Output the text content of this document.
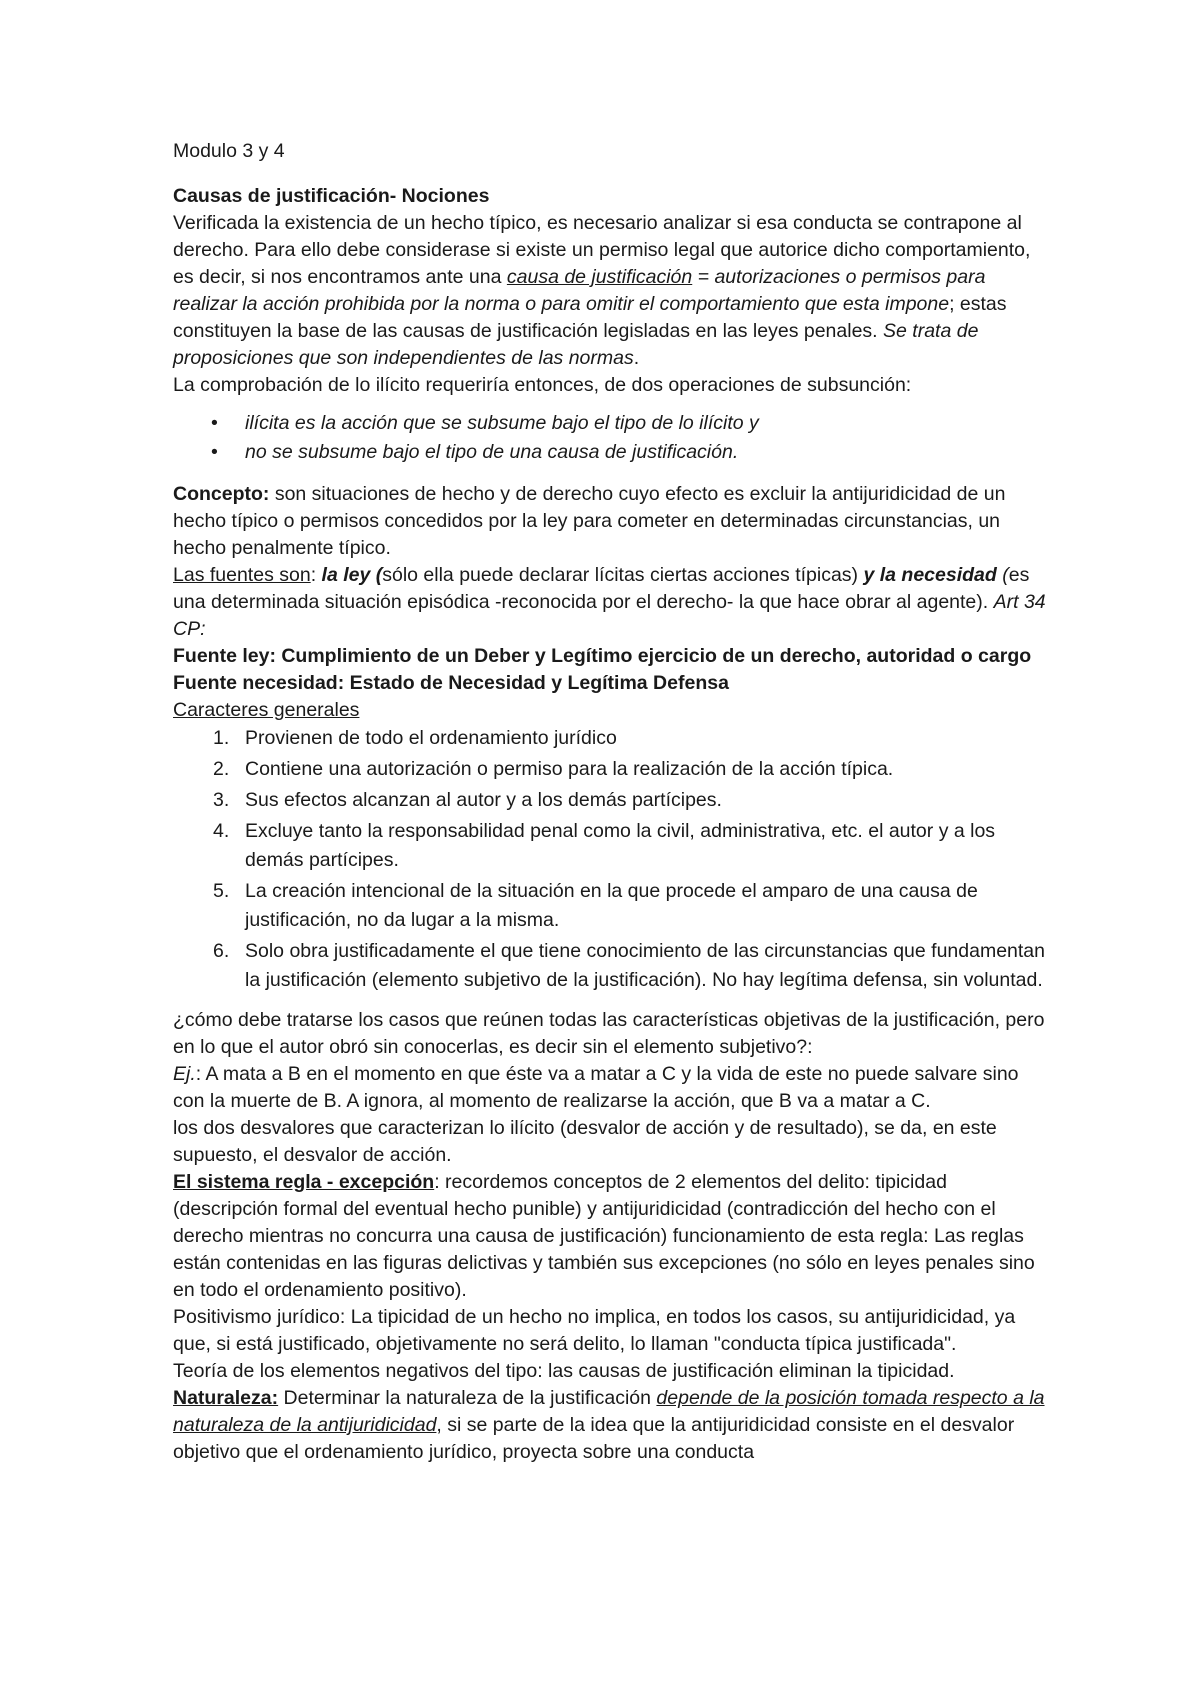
Modulo 3 y 4

Causas de justificación- Nociones

Verificada la existencia de un hecho típico, es necesario analizar si esa conducta se contrapone al derecho. Para ello debe considerase si existe un permiso legal que autorice dicho comportamiento, es decir, si nos encontramos ante una causa de justificación = autorizaciones o permisos para realizar la acción prohibida por la norma o para omitir el comportamiento que esta impone; estas constituyen la base de las causas de justificación legisladas en las leyes penales. Se trata de proposiciones que son independientes de las normas.

La comprobación de lo ilícito requeriría entonces, de dos operaciones de subsunción:

• ilícita es la acción que se subsume bajo el tipo de lo ilícito y
• no se subsume bajo el tipo de una causa de justificación.

Concepto: son situaciones de hecho y de derecho cuyo efecto es excluir la antijuridicidad de un hecho típico o permisos concedidos por la ley para cometer en determinadas circunstancias, un hecho penalmente típico.

Las fuentes son: la ley (sólo ella puede declarar lícitas ciertas acciones típicas) y la necesidad (es una determinada situación episódica -reconocida por el derecho- la que hace obrar al agente). Art 34 CP:

Fuente ley: Cumplimiento de un Deber y Legítimo ejercicio de un derecho, autoridad o cargo

Fuente necesidad: Estado de Necesidad y Legítima Defensa

Caracteres generales

1. Provienen de todo el ordenamiento jurídico
2. Contiene una autorización o permiso para la realización de la acción típica.
3. Sus efectos alcanzan al autor y a los demás partícipes.
4. Excluye tanto la responsabilidad penal como la civil, administrativa, etc. el autor y a los demás partícipes.
5. La creación intencional de la situación en la que procede el amparo de una causa de justificación, no da lugar a la misma.
6. Solo obra justificadamente el que tiene conocimiento de las circunstancias que fundamentan la justificación (elemento subjetivo de la justificación). No hay legítima defensa, sin voluntad.

¿cómo debe tratarse los casos que reúnen todas las características objetivas de la justificación, pero en lo que el autor obró sin conocerlas, es decir sin el elemento subjetivo?:

Ej.: A mata a B en el momento en que éste va a matar a C y la vida de este no puede salvare sino con la muerte de B. A ignora, al momento de realizarse la acción, que B va a matar a C.

los dos desvalores que caracterizan lo ilícito (desvalor de acción y de resultado), se da, en este supuesto, el desvalor de acción.

El sistema regla - excepción: recordemos conceptos de 2 elementos del delito: tipicidad (descripción formal del eventual hecho punible) y antijuridicidad (contradicción del hecho con el derecho mientras no concurra una causa de justificación) funcionamiento de esta regla: Las reglas están contenidas en las figuras delictivas y también sus excepciones (no sólo en leyes penales sino en todo el ordenamiento positivo).

Positivismo jurídico: La tipicidad de un hecho no implica, en todos los casos, su antijuridicidad, ya que, si está justificado, objetivamente no será delito, lo llaman "conducta típica justificada".

Teoría de los elementos negativos del tipo: las causas de justificación eliminan la tipicidad.

Naturaleza: Determinar la naturaleza de la justificación depende de la posición tomada respecto a la naturaleza de la antijuridicidad, si se parte de la idea que la antijuridicidad consiste en el desvalor objetivo que el ordenamiento jurídico, proyecta sobre una conducta
